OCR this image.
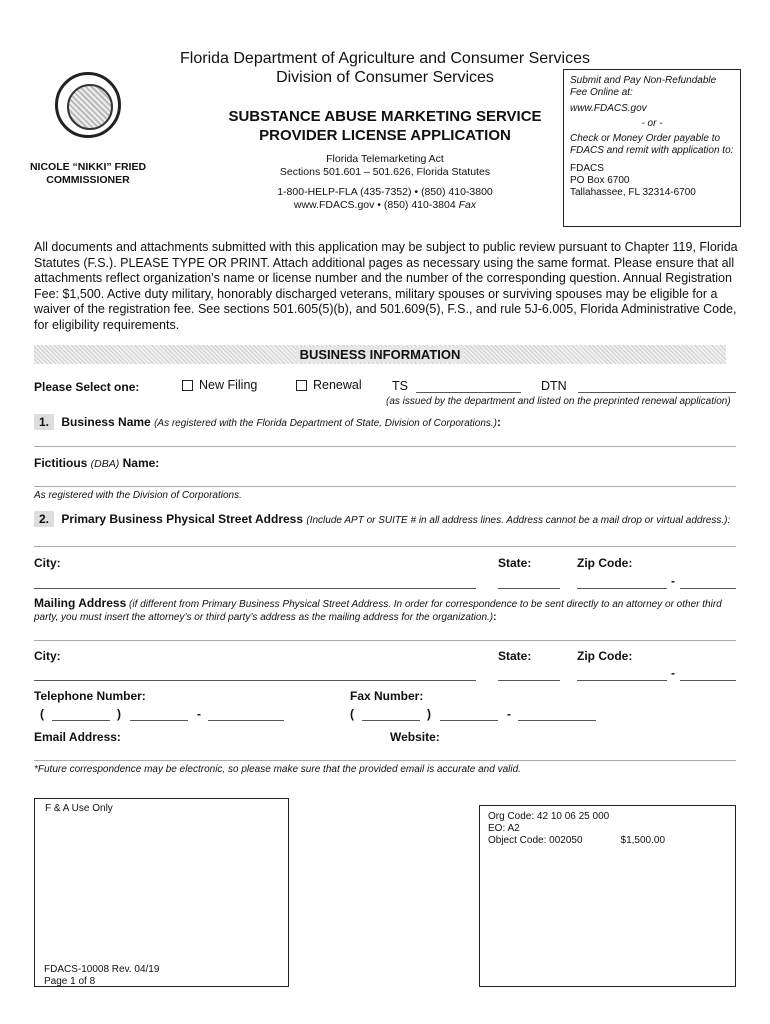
Florida Department of Agriculture and Consumer Services
Division of Consumer Services
SUBSTANCE ABUSE MARKETING SERVICE
PROVIDER LICENSE APPLICATION
Florida Telemarketing Act
Sections 501.601 – 501.626, Florida Statutes
1-800-HELP-FLA (435-7352) • (850) 410-3800
www.FDACS.gov • (850) 410-3804 Fax
NICOLE “NIKKI” FRIED
COMMISSIONER
Submit and Pay Non-Refundable Fee Online at:
www.FDACS.gov
- or -
Check or Money Order payable to FDACS and remit with application to:
FDACS
PO Box 6700
Tallahassee, FL 32314-6700
All documents and attachments submitted with this application may be subject to public review pursuant to Chapter 119, Florida Statutes (F.S.). PLEASE TYPE OR PRINT. Attach additional pages as necessary using the same format. Please ensure that all attachments reflect organization's name or license number and the number of the corresponding question. Annual Registration Fee: $1,500. Active duty military, honorably discharged veterans, military spouses or surviving spouses may be eligible for a waiver of the registration fee. See sections 501.605(5)(b), and 501.609(5), F.S., and rule 5J-6.005, Florida Administrative Code, for eligibility requirements.
BUSINESS INFORMATION
Please Select one:	New Filing	Renewal TS	DTN
(as issued by the department and listed on the preprinted renewal application)
1. Business Name (As registered with the Florida Department of State, Division of Corporations.):
Fictitious (DBA) Name:
As registered with the Division of Corporations.
2. Primary Business Physical Street Address (Include APT or SUITE # in all address lines. Address cannot be a mail drop or virtual address.):
City:	State:	Zip Code:
-
Mailing Address (if different from Primary Business Physical Street Address. In order for correspondence to be sent directly to an attorney or other third party, you must insert the attorney’s or third party’s address as the mailing address for the organization.):
City:	State:	Zip Code:
-
Telephone Number:	Fax Number:
(	)	-	(	)	-
Email Address:	Website:
*Future correspondence may be electronic, so please make sure that the provided email is accurate and valid.
F & A Use Only
Org Code: 42 10 06 25 000
EO: A2
Object Code: 002050	$1,500.00
FDACS-10008 Rev. 04/19
Page 1 of 8
